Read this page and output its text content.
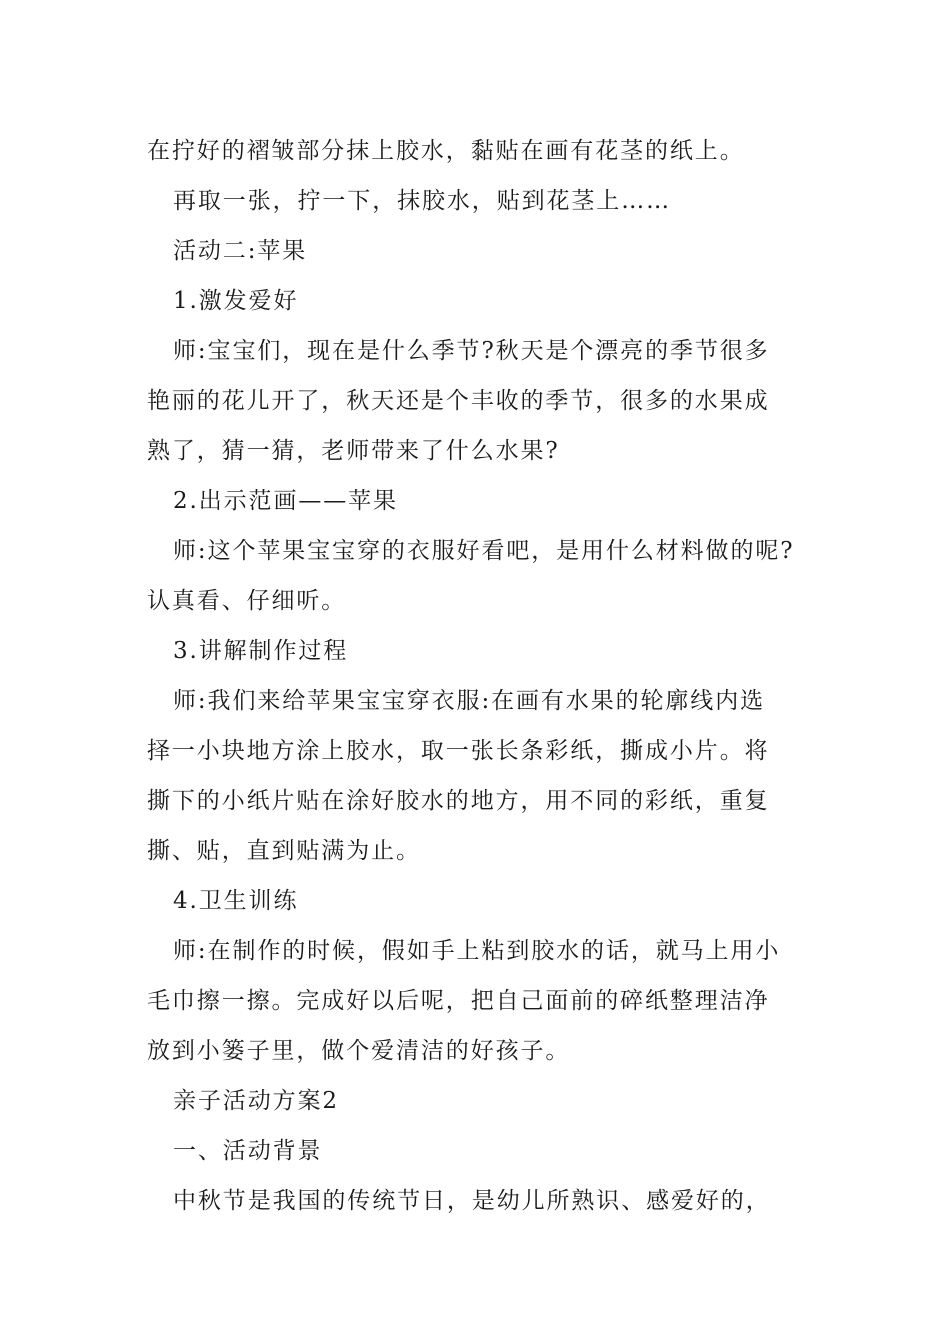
在拧好的褶皱部分抹上胶水，黏贴在画有花茎的纸上。

再取一张，拧一下，抹胶水，贴到花茎上……

活动二:苹果

1.激发爱好

师:宝宝们，现在是什么季节?秋天是个漂亮的季节很多

艳丽的花儿开了，秋天还是个丰收的季节，很多的水果成

熟了，猜一猜，老师带来了什么水果?

2.出示范画——苹果

师:这个苹果宝宝穿的衣服好看吧，是用什么材料做的呢?

认真看、仔细听。

3.讲解制作过程

师:我们来给苹果宝宝穿衣服:在画有水果的轮廓线内选

择一小块地方涂上胶水，取一张长条彩纸，撕成小片。将

撕下的小纸片贴在涂好胶水的地方，用不同的彩纸，重复

撕、贴，直到贴满为止。

4.卫生训练

师:在制作的时候，假如手上粘到胶水的话，就马上用小

毛巾擦一擦。完成好以后呢，把自己面前的碎纸整理洁净

放到小篓子里，做个爱清洁的好孩子。

亲子活动方案2

一、活动背景

中秋节是我国的传统节日，是幼儿所熟识、感爱好的，
